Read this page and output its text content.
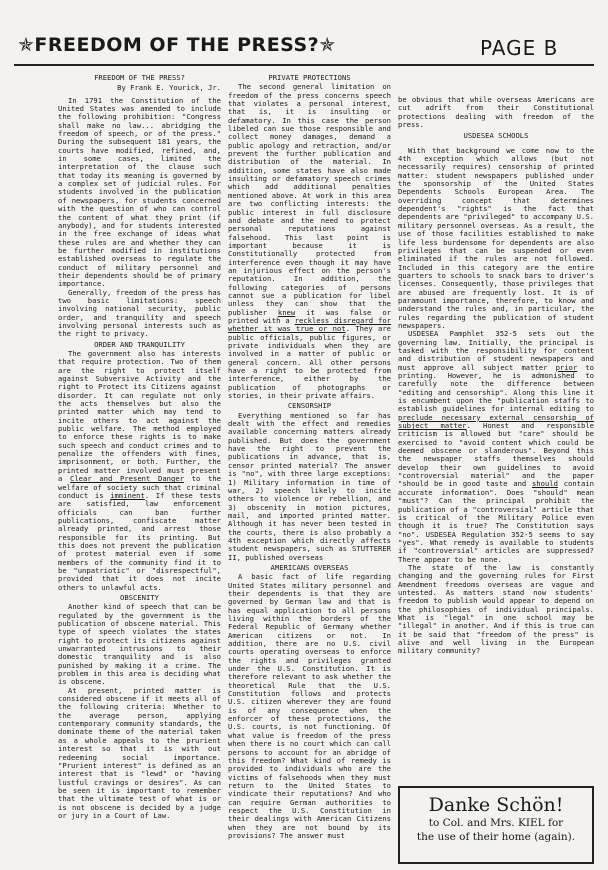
✯FREEDOM OF THE PRESS?✯	PAGE B
FREEDOM OF THE PRESS?
By Frank E. Yourick, Jr.

In 1791 the Constitution of the United States was amended to include the following prohibition: "Congress shall make no law... abridging the freedom of speech, or of the press." During the subsequent 181 years, the courts have modified, refined, and, in some cases, limited the interpretation of the clause such that today its meaning is governed by a complex set of judicial rules. For students involved in the publication of newspapers, for students concerned with the question of who can control the content of what they print (if anybody), and for students interested in the free exchange of ideas what these rules are and whether they can be further modified in institutions established overseas to regulate the conduct of military personnel and their dependents should be of primary importance.

Generally, freedom of the press has two basic limitations: speech involving national security, public order, and tranquility and speech involving personal interests such as the right to privacy.

ORDER AND TRANQUILITY

The government also has interests that require protection. Two of them are the right to protect itself against Subversive Activity and the right to Protect its Citizens against disorder. It can regulate not only the acts themselves but also the printed matter which may tend to incite others to act against the public welfare. The method employed to enforce these rights is to make such speech and conduct crimes and to penalize the offenders with fines, imprisonment, or both. Further, the printed matter involved must present a Clear and Present Danger to the welfare of society such that criminal conduct is imminent. If these tests are satisfied, law enforcement officials can ban further publications, confiscate matter already printed, and arrest those responsible for its printing. But this does not prevent the publication of protest material even if some members of the community find it to be "unpatriotic" or "disrespectful", provided that it does not incite others to unlawful acts.

OBSCENITY

Another kind of speech that can be regulated by the government is the publication of obscene material. This type of speech violates the states right to protect its citizens against unwarranted intrusions to their domestic tranquility and is also punished by making it a crime. The problem in this area is deciding what is obscene.

At present, printed matter is considered obscene if it meets all of the following criteria: Whether to the average person, applying contemporary community standards, the dominate theme of the material taken as a whole appeals to the prurient interest so that it is with out redeeming social importance. "Prurient interest" is defined as an interest that is "lewd" or "having lustful cravings or desires". As can be seen it is important to remember that the ultimate test of what is or is not obscene is decided by a judge or jury in a Court of Law.

PRIVATE PROTECTIONS

The second general limitation on freedom of the press concerns speech that violates a personal interest, that is, it is insulting or defamatory. In this case the person libeled can sue those responsible and collect money damages, demand a public apology and retraction, and/or prevent the further publication and distribution of the material. In addition, some states have also made insulting or defamatory speech crimes which add additional penalties mentioned above. At work in this area are two conflicting interests: the public interest in full disclosure and debate and the need to protect personal reputations against falsehood. This last point is important because it is Constitutionally protected from interference even though it may have an injurious effect on the person's reputation. In addition, the following categories of persons cannot sue a publication for libel unless they can show that the publisher knew it was false or printed with a reckless disregard for whether it was true or not. They are public officials, public figures, or private individuals when they are involved in a matter of public or general concern. All other persons have a right to be protected from interference, either by the publication of photographs or stories, in their private affairs.

CENSORSHIP

Everything mentioned so far has dealt with the effect and remedies available concerning matters already published. But does the government have the right to prevent the publications in advance, that is, censor printed material? The answer is "no", with three large exceptions: 1) Military information in time of war, 2) speech likely to incite others to violence or rebellion, and 3) obscenity in motion pictures, mail, and imported printed matter. Although it has never been tested in the courts, there is also probably a 4th exception which directly affects student newspapers, such as STUTTERER II, published overseas

AMERICANS OVERSEAS

A basic fact of life regarding United States military personnel and their dependents is that they are governed by German law and that is has equal application to all persons living within the borders of the Federal Republic of Germany whether American citizens or not. In addition, there are no U.S. civil courts operating overseas to enforce the rights and privileges granted under the U.S. Constitution. It is therefore relevant to ask whether the theoretical Rule that the U.S. Constitution follows and protects U.S. citizen wherever they are found is of any consequence when the enforcer of these protections, the U.S. courts, is not functioning. Of what value is freedom of the press when there is no court which can call persons to account for an abridge of this freedom? What kind of remedy is provided to individuals who are the victims of falsehoods when they must return to the United States to vindicate their reputations? And who can require German authorities to respect the U.S. Constitution in their dealings with American Citizens when they are not bound by its provisions? The answer must

be obvious that while overseas Americans are cut adrift from their Constitutional protections dealing with freedom of the press.

USDESEA SCHOOLS

With that background we come now to the 4th exception which allows (but not necessarily requires) censorship of printed matter: student newspapers published under the sponsorship of the United States Dependents Schools European Area. The overriding concept that determines dependent's "rights" is the fact that dependents are "privileged" to accompany U.S. military personnel overseas. As a result, the use of those facilities established to make life less burdensome for dependents are also privileges that can be suspended or even eliminated if the rules are not followed. Included in this category are the entire quarters to schools to snack bars to driver's licenses. Consequently, those privileges that are abused are frequently lost. It is of paramount importance, therefore, to know and understand the rules and, in particular, the rules regarding the publication of student newspapers.

USDESEA Pamphlet 352-5 sets out the governing law. Initially, the principal is tasked with the responsibility for content and distribution of student newspapers and must approve all subject matter prior to printing. However, he is admonished to carefully note the difference between "editing and censorship". Along this line it is encumbent upon the "publication staffs to establish guidelines for internal editing to preclude necessary external censorship of subject matter. Honest and responsible criticism is allowed but "care" should be exercised to "avoid content which could be deemed obscene or slanderous". Beyond this the newspaper staffs themselves should develop their own guidelines to avoid "controversial material" and the paper "should be in good taste and should contain accurate information". Does "should" mean "must"? Can the principal prohibit the publication of a "controversial" article that is critical of the Military Police even though it is true? The Constitution says "no". USDESEA Regulation 352-5 seems to say "yes". What remedy is available to students if "controversial" articles are suppressed? There appear to be none.

The state of the law is constantly changing and the governing rules for First Amendment freedoms overseas are vague and untested. As matters stand now students' freedom to publish would appear to depend on the philosophies of individual principals. What is "legal" in one school may be "illegal" in another. And if this is true can it be said that "freedom of the press" is alive and well living in the European military community?

Danke Schön!
to Col. and Mrs. KIEL for
the use of their home (again).
